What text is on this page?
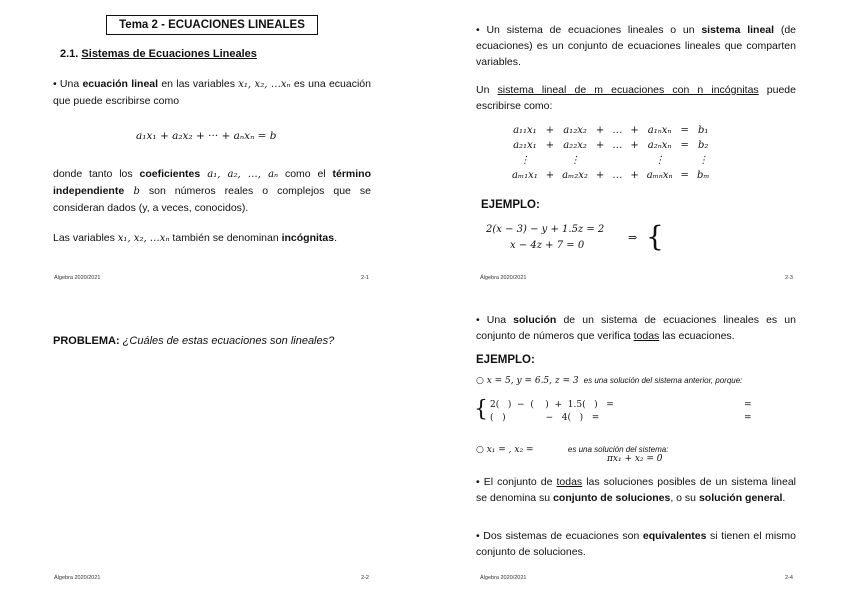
Tema 2 - ECUACIONES LINEALES
2.1. Sistemas de Ecuaciones Lineales
• Una ecuación lineal en las variables x₁, x₂, …xₙ es una ecuación que puede escribirse como
a₁x₁ + a₂x₂ + ··· + aₙxₙ = b
donde tanto los coeficientes a₁, a₂, …, aₙ como el término independiente b son números reales o complejos que se consideran dados (y, a veces, conocidos).
Las variables x₁, x₂, …xₙ también se denominan incógnitas.
Álgebra 2020/2021	2-1
• Un sistema de ecuaciones lineales o un sistema lineal (de ecuaciones) es un conjunto de ecuaciones lineales que comparten variables.
Un sistema lineal de m ecuaciones con n incógnitas puede escribirse como:
a₁₁x₁	+	a₁₂x₂	+	…	+	a₁ₙxₙ	=	b₁
a₂₁x₁	+	a₂₂x₂	+	…	+	a₂ₙxₙ	=	b₂
⋮		⋮				⋮		⋮
aₘ₁x₁	+	aₘ₂x₂	+	…	+	aₘₙxₙ	=	bₘ
EJEMPLO:
2(x − 3) − y + 1.5z = 2
x − 4z + 7 = 0
⇒ {
Álgebra 2020/2021	2-3
PROBLEMA: ¿Cuáles de estas ecuaciones son lineales?
Álgebra 2020/2021	2-2
• Una solución de un sistema de ecuaciones lineales es un conjunto de números que verifica todas las ecuaciones.
EJEMPLO:
○ x = 5, y = 6.5, z = 3 es una solución del sistema anterior, porque:
{ 2(   )  −  (    )  +  1.5(   )   =	=
(   )              −   4(   )   =	=
○ x₁ = , x₂ =	es una solución del sistema:
πx₁ + x₂ = 0
• El conjunto de todas las soluciones posibles de un sistema lineal se denomina su conjunto de soluciones, o su solución general.
• Dos sistemas de ecuaciones son equivalentes si tienen el mismo conjunto de soluciones.
Álgebra 2020/2021	2-4
